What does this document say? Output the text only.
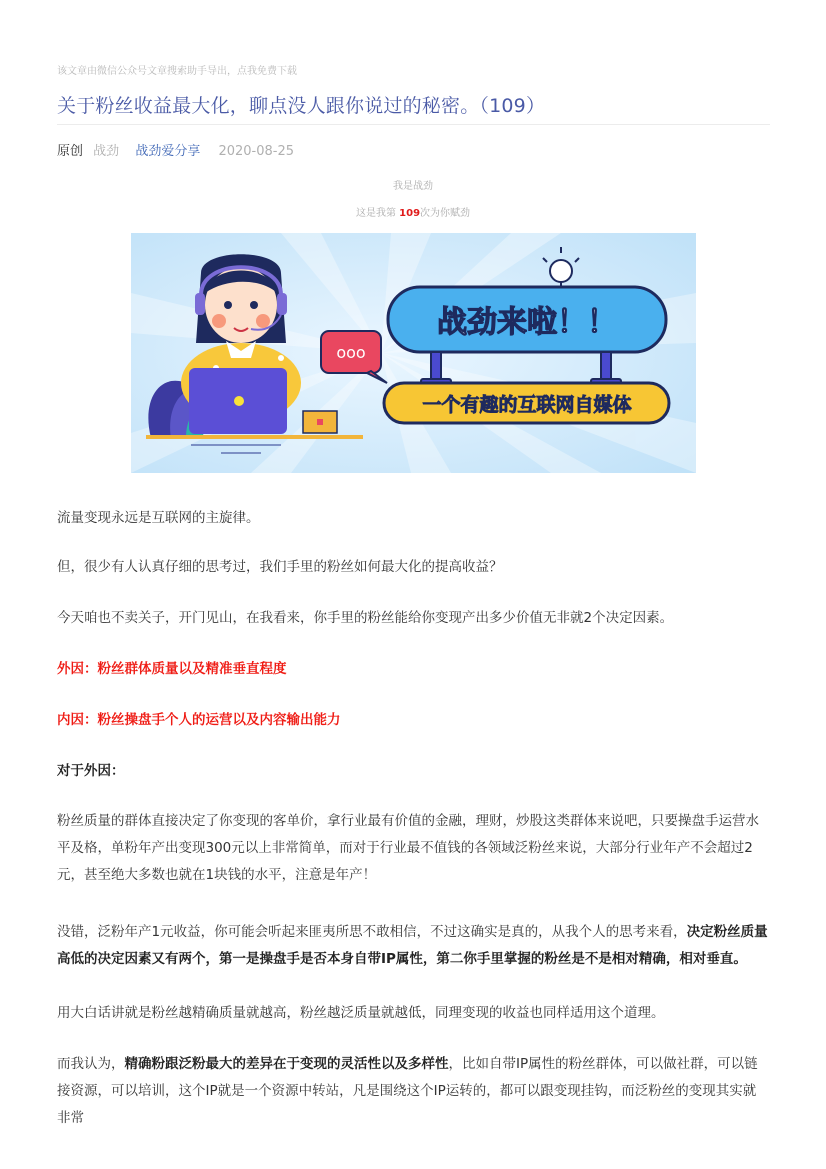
该文章由微信公众号文章搜索助手导出，点我免费下载
关于粉丝收益最大化，聊点没人跟你说过的秘密。（109）
原创 战劲 战劲爱分享 2020-08-25
我是战劲
这是我第 109次为你赋劲
ooo
战劲来啦！！
一个有趣的互联网自媒体
流量变现永远是互联网的主旋律。
但，很少有人认真仔细的思考过，我们手里的粉丝如何最大化的提高收益？
今天咱也不卖关子，开门见山，在我看来，你手里的粉丝能给你变现产出多少价值无非就2个决定因素。
外因：粉丝群体质量以及精准垂直程度
内因：粉丝操盘手个人的运营以及内容输出能力
对于外因：
粉丝质量的群体直接决定了你变现的客单价，拿行业最有价值的金融，理财，炒股这类群体来说吧，只要操盘手运营水平及格，单粉年产出变现300元以上非常简单，而对于行业最不值钱的各领域泛粉丝来说，大部分行业年产不会超过2元，甚至绝大多数也就在1块钱的水平，注意是年产！
没错，泛粉年产1元收益，你可能会听起来匪夷所思不敢相信，不过这确实是真的，从我个人的思考来看，决定粉丝质量高低的决定因素又有两个，第一是操盘手是否本身自带IP属性，第二你手里掌握的粉丝是不是相对精确，相对垂直。
用大白话讲就是粉丝越精确质量就越高，粉丝越泛质量就越低，同理变现的收益也同样适用这个道理。
而我认为，精确粉跟泛粉最大的差异在于变现的灵活性以及多样性，比如自带IP属性的粉丝群体，可以做社群，可以链接资源，可以培训，这个IP就是一个资源中转站，凡是围绕这个IP运转的，都可以跟变现挂钩，而泛粉丝的变现其实就非常
